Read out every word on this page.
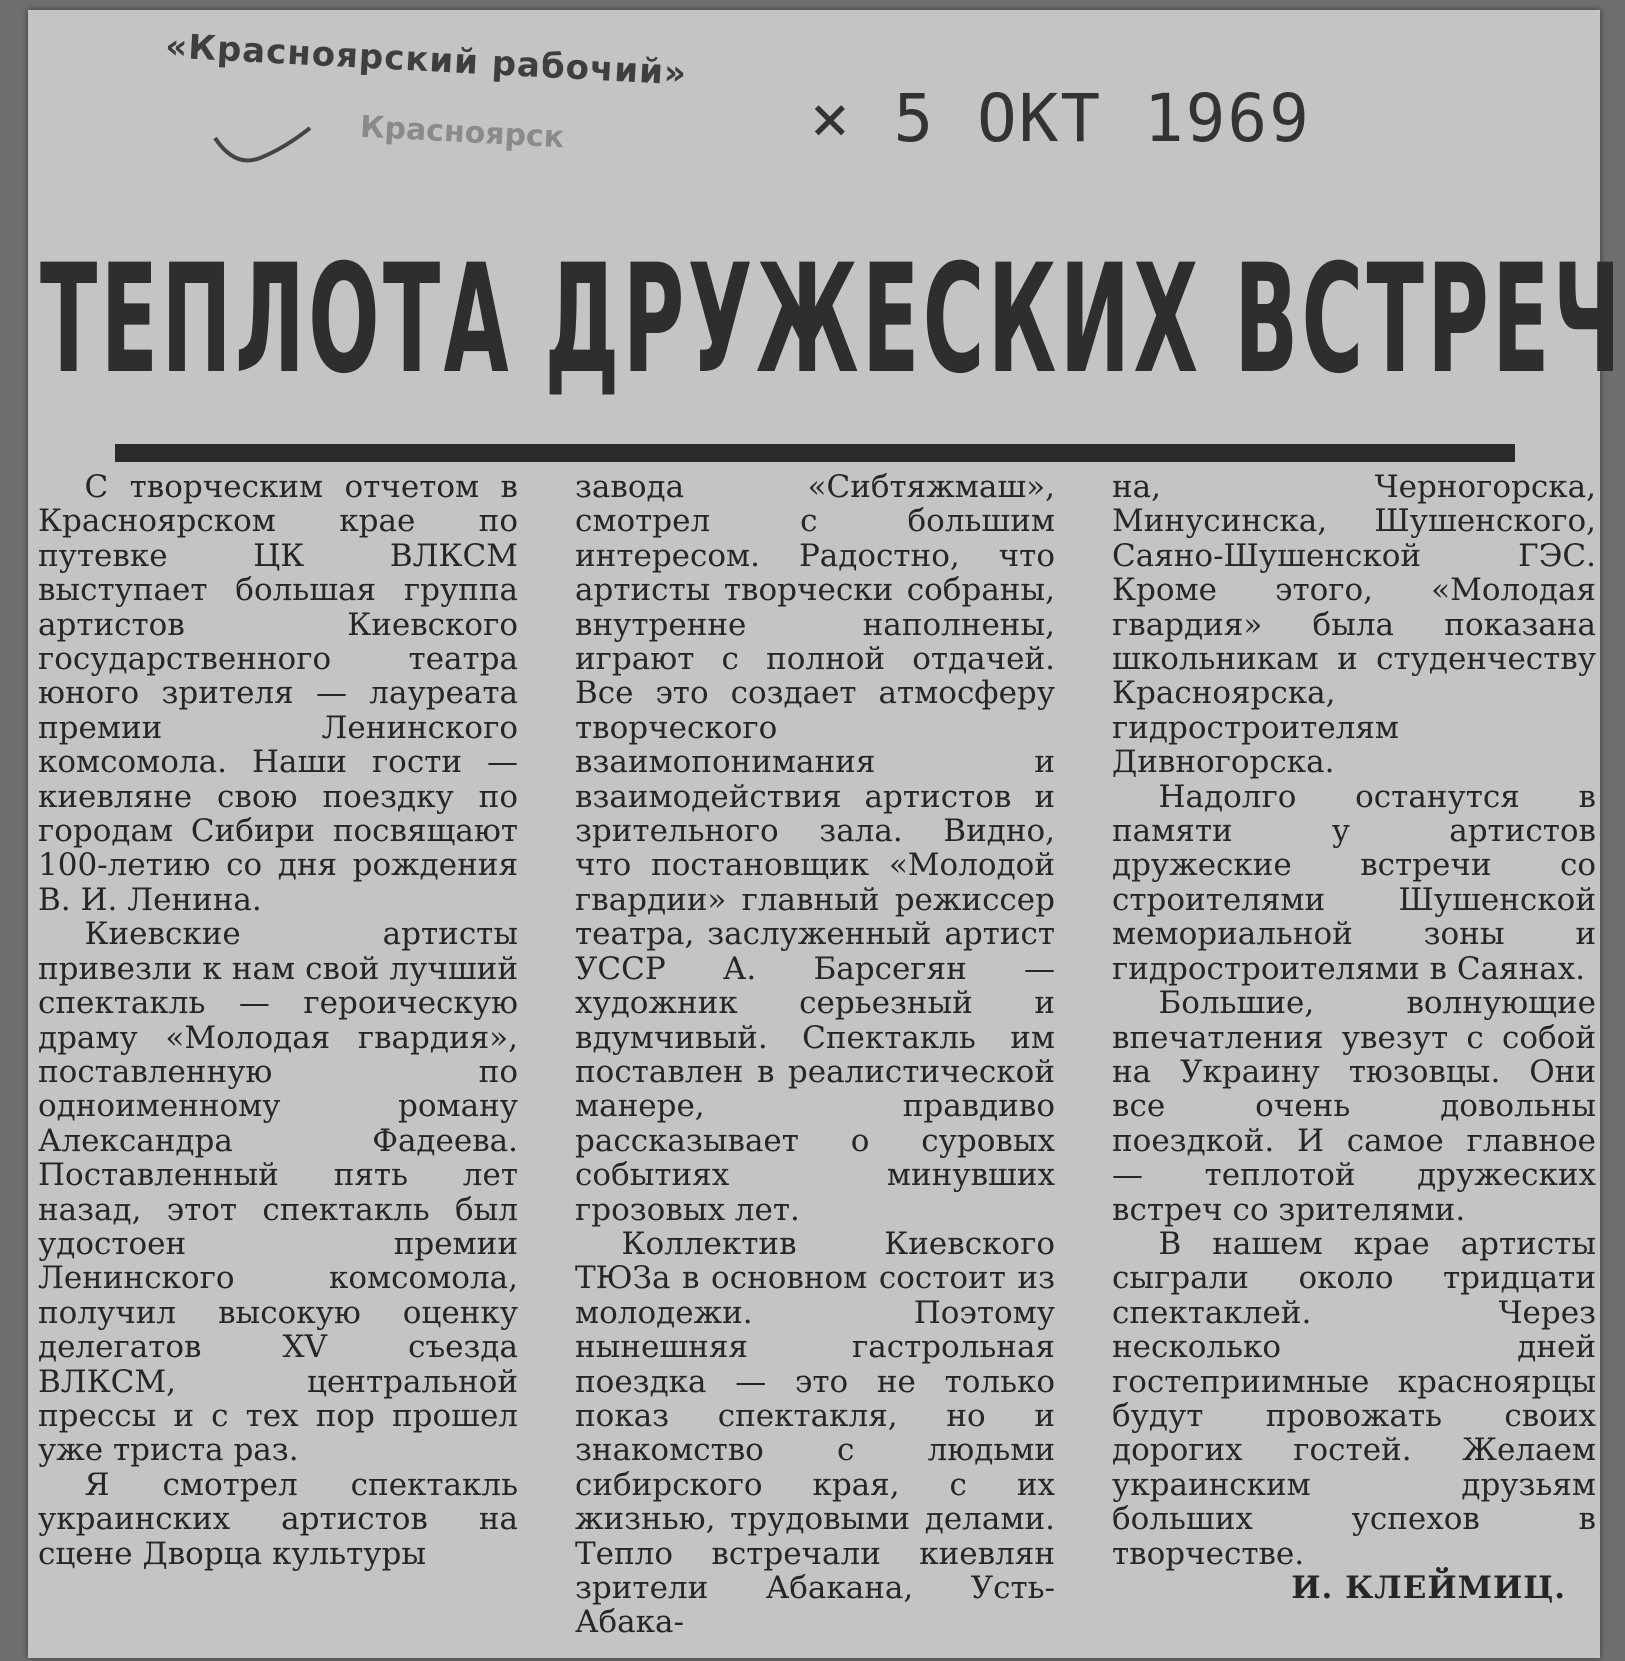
«Красноярский рабочий»
Красноярск	× 5 ОКТ 1969
ТЕПЛОТА ДРУЖЕСКИХ ВСТРЕЧ

С творческим отчетом в Красноярском крае по путевке ЦК ВЛКСМ выступает большая группа артистов Киевского государственного театра юного зрителя — лауреата премии Ленинского комсомола. Наши гости — киевляне свою поездку по городам Сибири посвящают 100-летию со дня рождения В. И. Ленина.

Киевские артисты привезли к нам свой лучший спектакль — героическую драму «Молодая гвардия», поставленную по одноименному роману Александра Фадеева. Поставленный пять лет назад, этот спектакль был удостоен премии Ленинского комсомола, получил высокую оценку делегатов XV съезда ВЛКСМ, центральной прессы и с тех пор прошел уже триста раз.

Я смотрел спектакль украинских артистов на сцене Дворца культуры

завода «Сибтяжмаш», смотрел с большим интересом. Радостно, что артисты творчески собраны, внутренне наполнены, играют с полной отдачей. Все это создает атмосферу творческого взаимопонимания и взаимодействия артистов и зрительного зала. Видно, что постановщик «Молодой гвардии» главный режиссер театра, заслуженный артист УССР А. Барсегян — художник серьезный и вдумчивый. Спектакль им поставлен в реалистической манере, правдиво рассказывает о суровых событиях минувших грозовых лет.

Коллектив Киевского ТЮЗа в основном состоит из молодежи. Поэтому нынешняя гастрольная поездка — это не только показ спектакля, но и знакомство с людьми сибирского края, с их жизнью, трудовыми делами. Тепло встречали киевлян зрители Абакана, Усть-Абака-

на, Черногорска, Минусинска, Шушенского, Саяно-Шушенской ГЭС. Кроме этого, «Молодая гвардия» была показана школьникам и студенчеству Красноярска, гидростроителям Дивногорска.

Надолго останутся в памяти у артистов дружеские встречи со строителями Шушенской мемориальной зоны и гидростроителями в Саянах.

Большие, волнующие впечатления увезут с собой на Украину тюзовцы. Они все очень довольны поездкой. И самое главное — теплотой дружеских встреч со зрителями.

В нашем крае артисты сыграли около тридцати спектаклей. Через несколько дней гостеприимные красноярцы будут провожать своих дорогих гостей. Желаем украинским друзьям больших успехов в творчестве.

И. КЛЕЙМИЦ.
